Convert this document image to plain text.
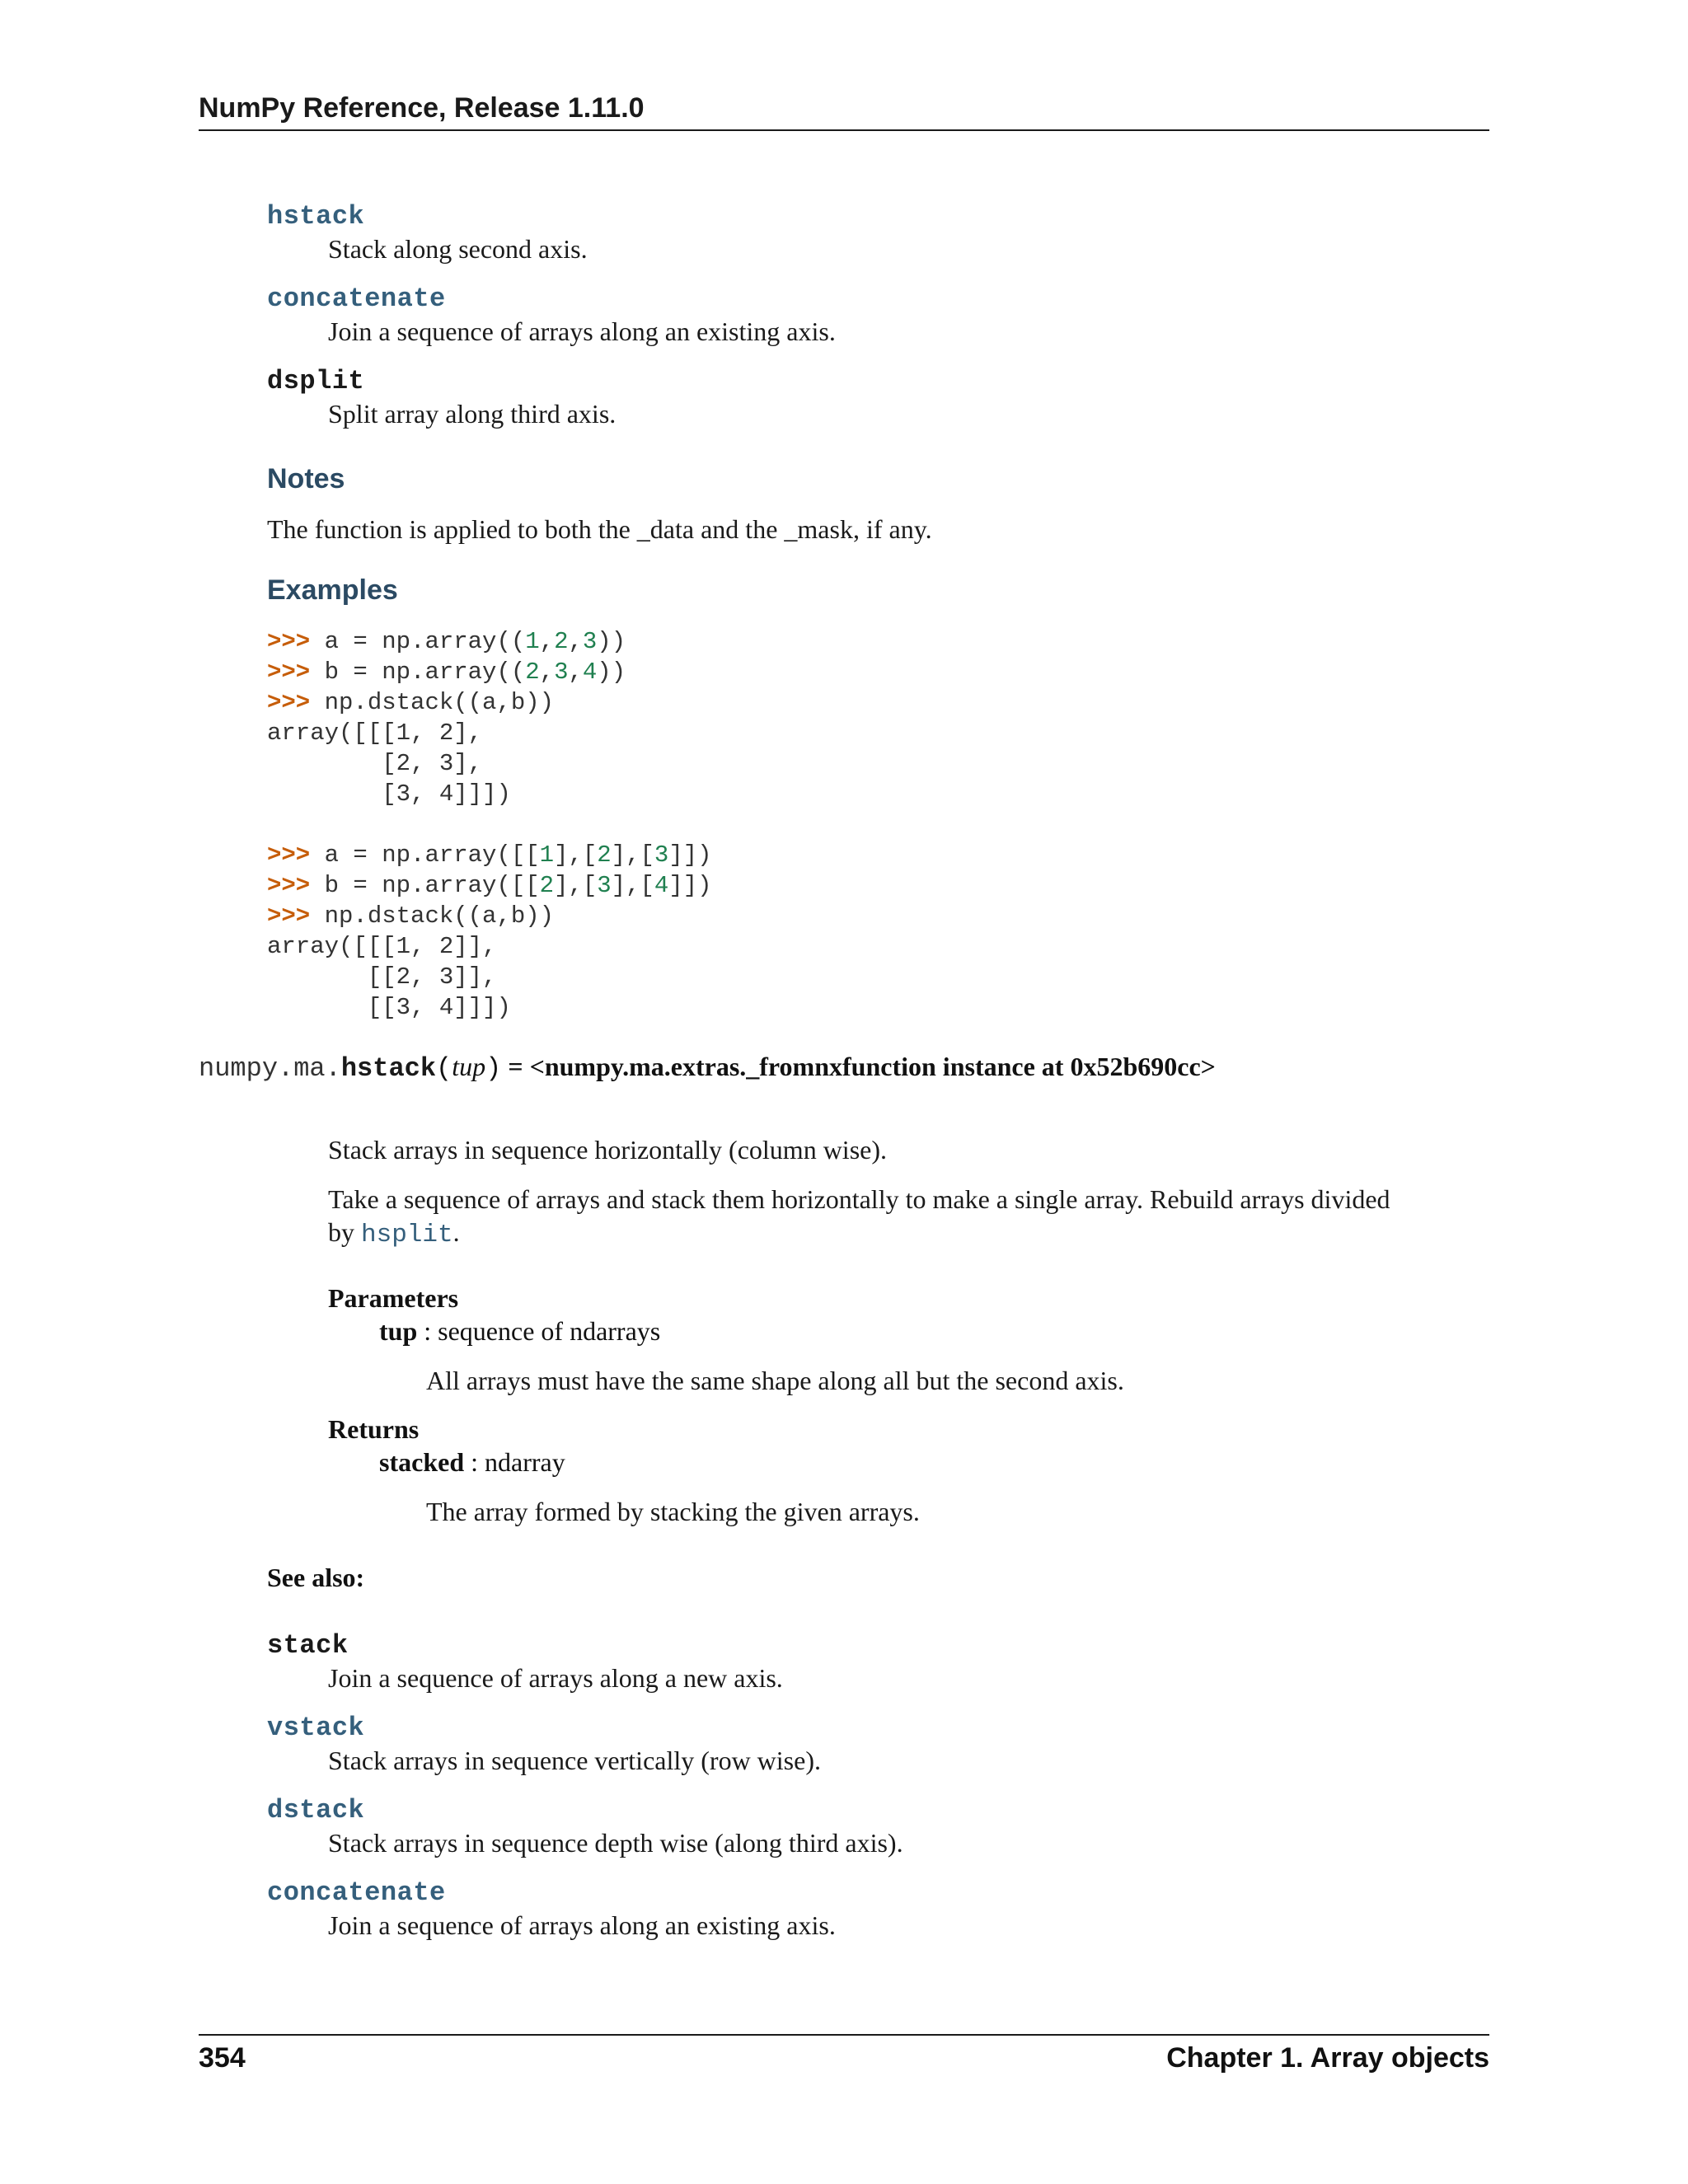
NumPy Reference, Release 1.11.0
hstack
Stack along second axis.
concatenate
Join a sequence of arrays along an existing axis.
dsplit
Split array along third axis.
Notes
The function is applied to both the _data and the _mask, if any.
Examples
>>> a = np.array((1,2,3))
>>> b = np.array((2,3,4))
>>> np.dstack((a,b))
array([[[1, 2],
[2, 3],
[3, 4]]])
>>> a = np.array([[1],[2],[3]])
>>> b = np.array([[2],[3],[4]])
>>> np.dstack((a,b))
array([[[1, 2]],
[[2, 3]],
[[3, 4]]])
numpy.ma.hstack(tup) = <numpy.ma.extras._fromnxfunction instance at 0x52b690cc>
Stack arrays in sequence horizontally (column wise).
Take a sequence of arrays and stack them horizontally to make a single array. Rebuild arrays divided
by hsplit.
Parameters
tup : sequence of ndarrays
All arrays must have the same shape along all but the second axis.
Returns
stacked : ndarray
The array formed by stacking the given arrays.
See also:
stack
Join a sequence of arrays along a new axis.
vstack
Stack arrays in sequence vertically (row wise).
dstack
Stack arrays in sequence depth wise (along third axis).
concatenate
Join a sequence of arrays along an existing axis.
354	Chapter 1. Array objects
